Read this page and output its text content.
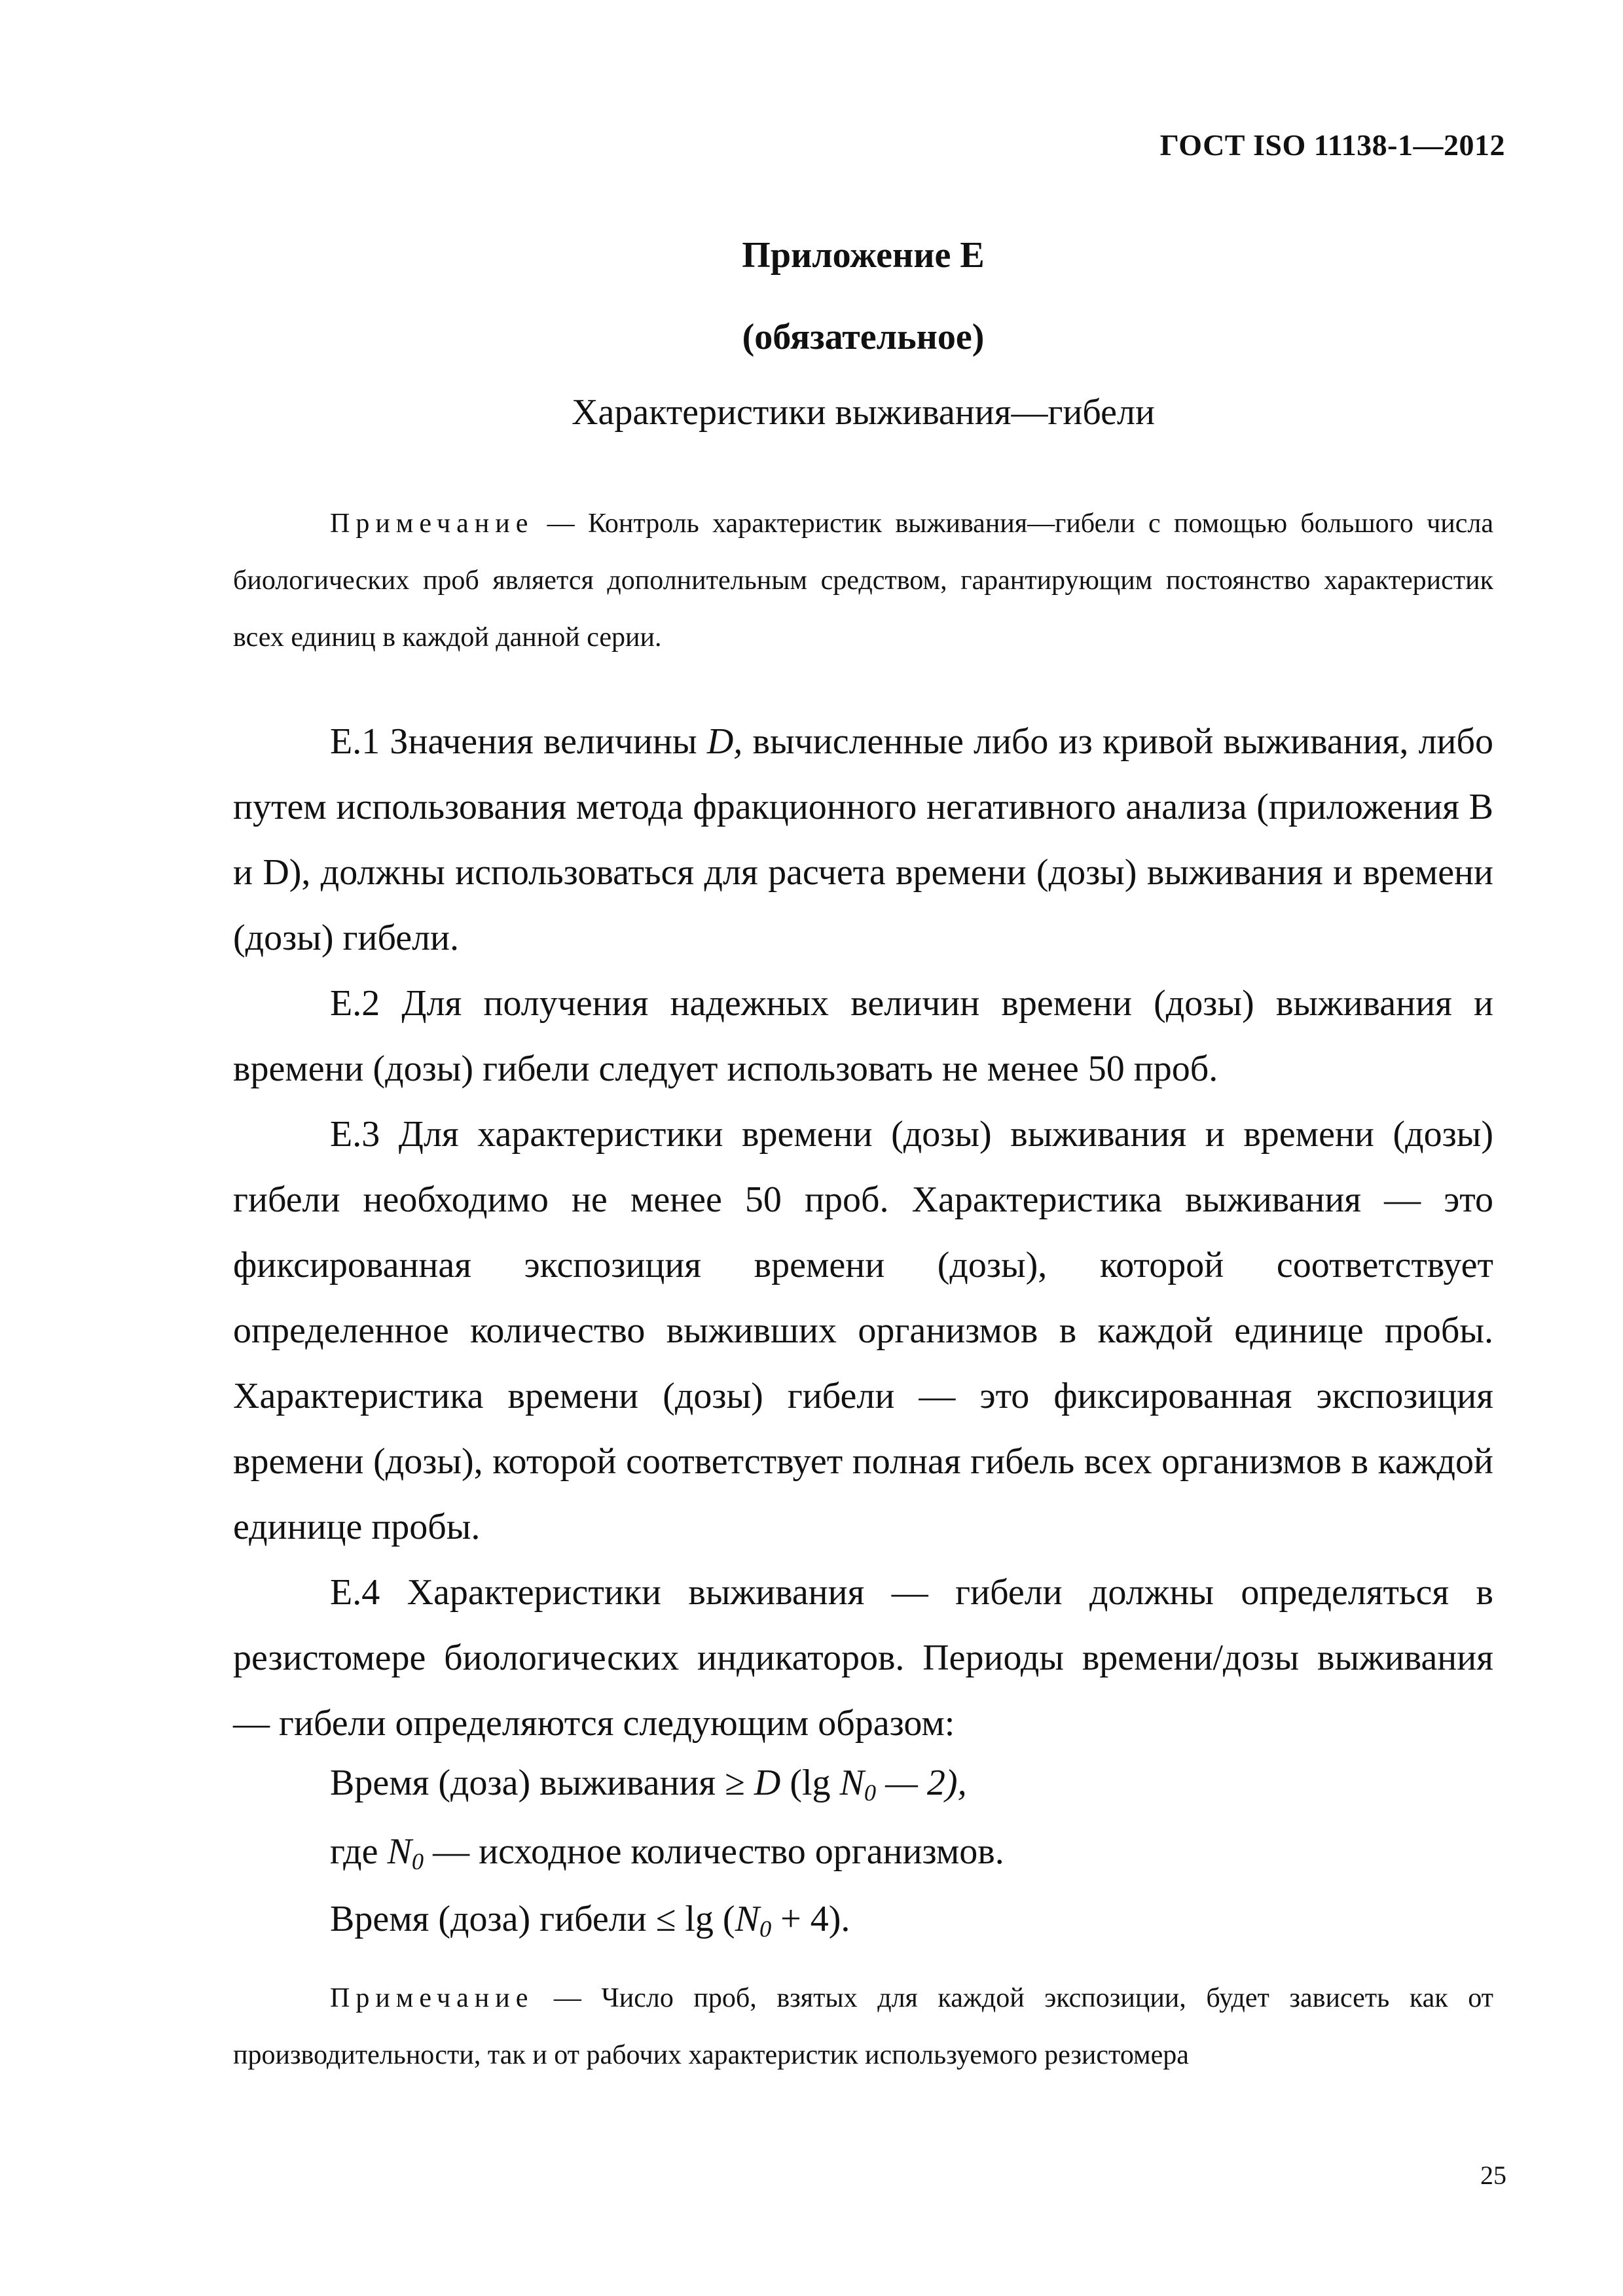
ГОСТ ISO 11138-1—2012
Приложение Е
(обязательное)
Характеристики выживания—гибели
Примечание — Контроль характеристик выживания—гибели с помощью большого числа биологических проб является дополнительным средством, гарантирующим постоянство характеристик всех единиц в каждой данной серии.

Е.1 Значения величины D, вычисленные либо из кривой выживания, либо путем использования метода фракционного негативного анализа (приложения В и D), должны использоваться для расчета времени (дозы) выживания и времени (дозы) гибели.

Е.2 Для получения надежных величин времени (дозы) выживания и времени (дозы) гибели следует использовать не менее 50 проб.

Е.3 Для характеристики времени (дозы) выживания и времени (дозы) гибели необходимо не менее 50 проб. Характеристика выживания — это фиксированная экспозиция времени (дозы), которой соответствует определенное количество выживших организмов в каждой единице пробы. Характеристика времени (дозы) гибели — это фиксированная экспозиция времени (дозы), которой соответствует полная гибель всех организмов в каждой единице пробы.

Е.4 Характеристики выживания — гибели должны определяться в резистомере биологических индикаторов. Периоды времени/дозы выживания — гибели определяются следующим образом:

Время (доза) выживания ≥ D (lg $N_0$ — 2),
где $N_0$ — исходное количество организмов.
Время (доза) гибели ≤ $\lg (N_0 + 4)$.
Примечание — Число проб, взятых для каждой экспозиции, будет зависеть как от производительности, так и от рабочих характеристик используемого резистомера
25
